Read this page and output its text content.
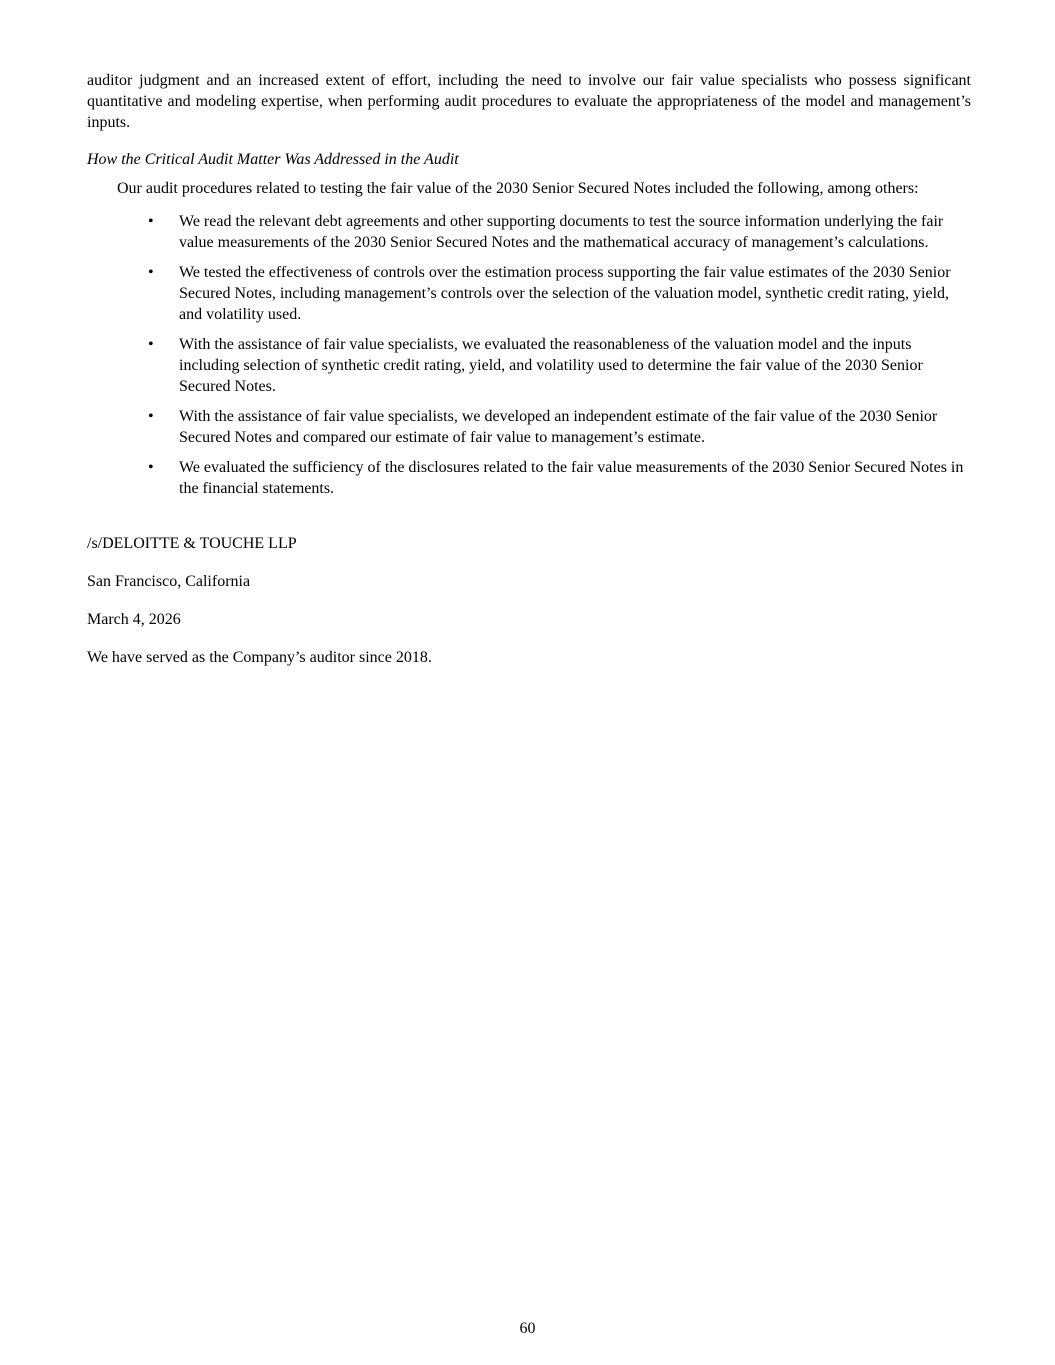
auditor judgment and an increased extent of effort, including the need to involve our fair value specialists who possess significant quantitative and modeling expertise, when performing audit procedures to evaluate the appropriateness of the model and management’s inputs.

How the Critical Audit Matter Was Addressed in the Audit

Our audit procedures related to testing the fair value of the 2030 Senior Secured Notes included the following, among others:

•	We read the relevant debt agreements and other supporting documents to test the source information underlying the fair value measurements of the 2030 Senior Secured Notes and the mathematical accuracy of management’s calculations.
•	We tested the effectiveness of controls over the estimation process supporting the fair value estimates of the 2030 Senior Secured Notes, including management’s controls over the selection of the valuation model, synthetic credit rating, yield, and volatility used.
•	With the assistance of fair value specialists, we evaluated the reasonableness of the valuation model and the inputs including selection of synthetic credit rating, yield, and volatility used to determine the fair value of the 2030 Senior Secured Notes.
•	With the assistance of fair value specialists, we developed an independent estimate of the fair value of the 2030 Senior Secured Notes and compared our estimate of fair value to management’s estimate.
•	We evaluated the sufficiency of the disclosures related to the fair value measurements of the 2030 Senior Secured Notes in the financial statements.

/s/DELOITTE & TOUCHE LLP

San Francisco, California

March 4, 2026

We have served as the Company’s auditor since 2018.

60
